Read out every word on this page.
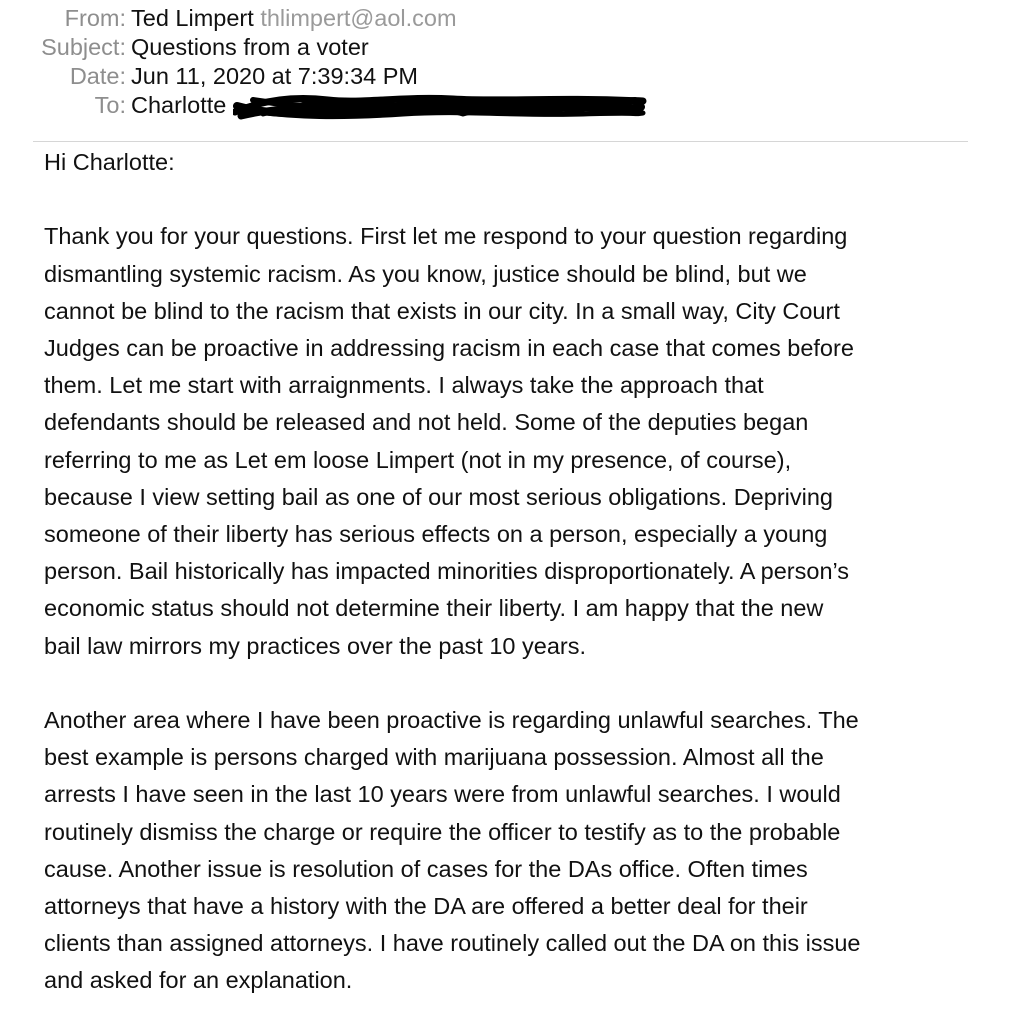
From: Ted Limpert thlimpert@aol.com
Subject: Questions from a voter
Date: Jun 11, 2020 at 7:39:34 PM
To: Charlotte
Hi Charlotte:

Thank you for your questions. First let me respond to your question regarding
dismantling systemic racism. As you know, justice should be blind, but we
cannot be blind to the racism that exists in our city. In a small way, City Court
Judges can be proactive in addressing racism in each case that comes before
them. Let me start with arraignments. I always take the approach that
defendants should be released and not held. Some of the deputies began
referring to me as Let em loose Limpert (not in my presence, of course),
because I view setting bail as one of our most serious obligations. Depriving
someone of their liberty has serious effects on a person, especially a young
person. Bail historically has impacted minorities disproportionately. A person’s
economic status should not determine their liberty. I am happy that the new
bail law mirrors my practices over the past 10 years.

Another area where I have been proactive is regarding unlawful searches. The
best example is persons charged with marijuana possession. Almost all the
arrests I have seen in the last 10 years were from unlawful searches. I would
routinely dismiss the charge or require the officer to testify as to the probable
cause. Another issue is resolution of cases for the DAs office. Often times
attorneys that have a history with the DA are offered a better deal for their
clients than assigned attorneys. I have routinely called out the DA on this issue
and asked for an explanation.
